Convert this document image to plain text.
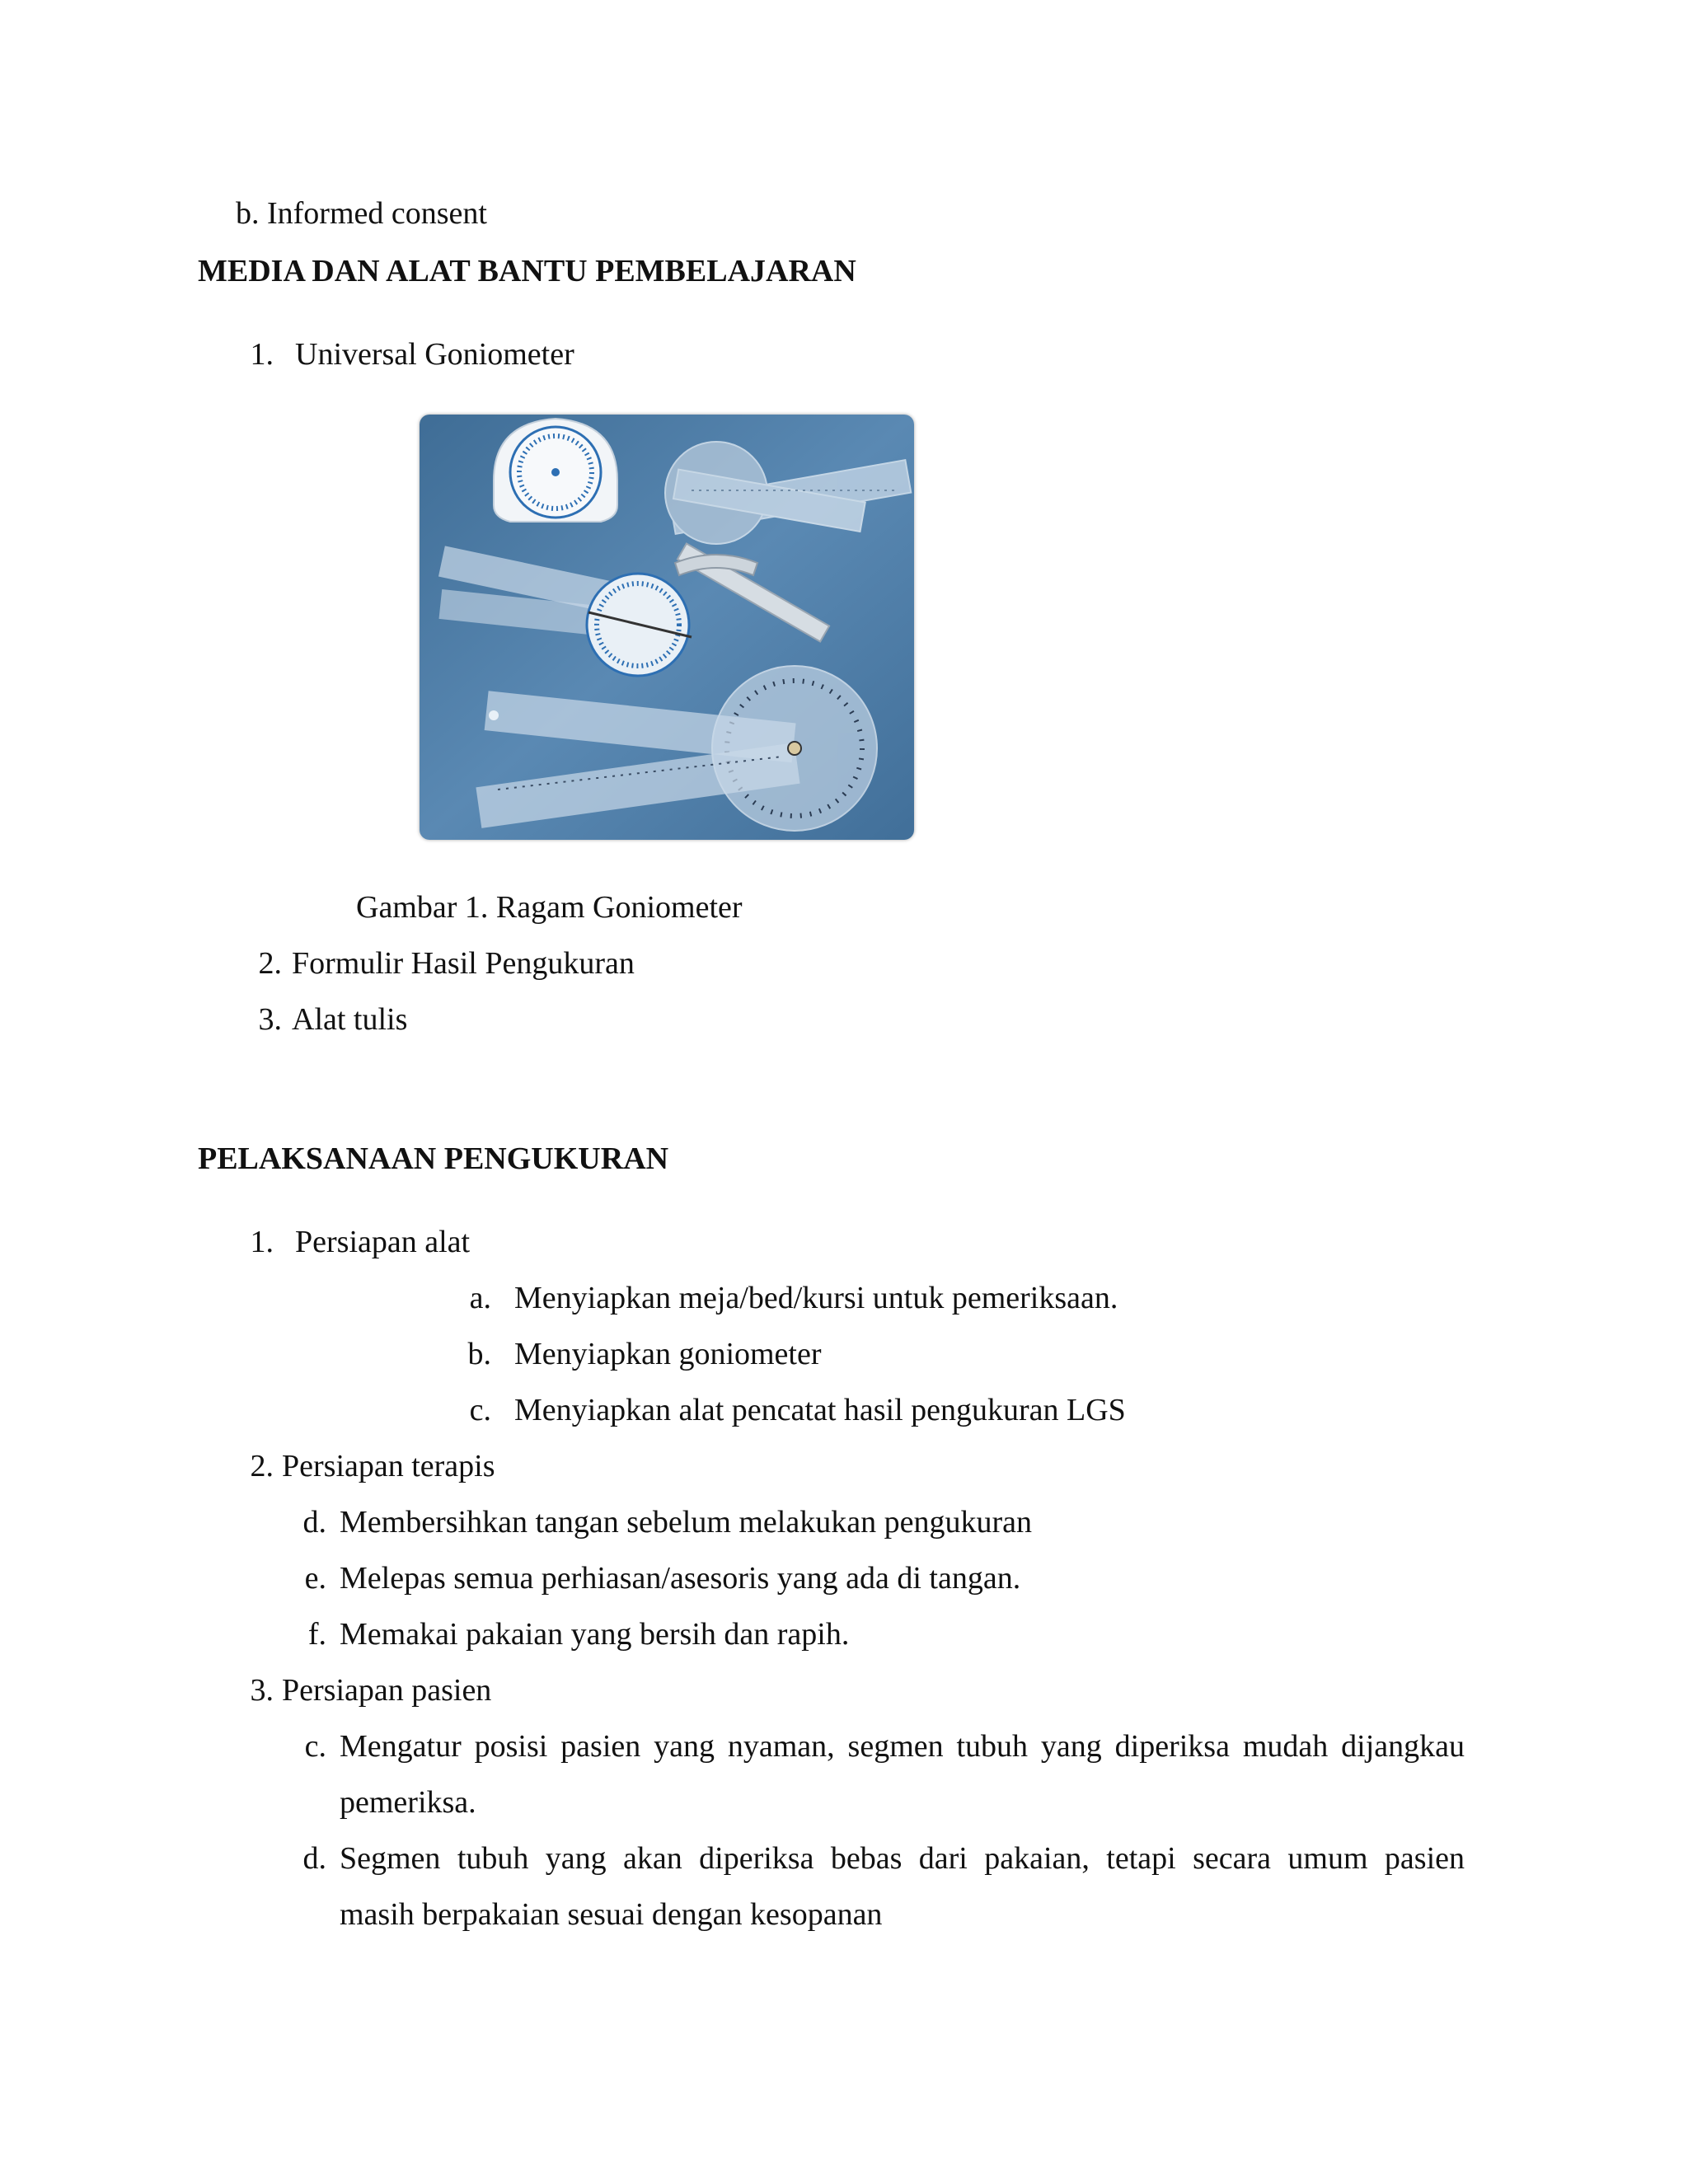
b. Informed consent
MEDIA DAN ALAT BANTU PEMBELAJARAN
1. Universal Goniometer
Gambar 1. Ragam Goniometer
2. Formulir Hasil Pengukuran
3. Alat tulis
PELAKSANAAN PENGUKURAN
1. Persiapan alat
a. Menyiapkan meja/bed/kursi untuk pemeriksaan.
b. Menyiapkan goniometer
c. Menyiapkan alat pencatat hasil pengukuran LGS
2. Persiapan terapis
d. Membersihkan tangan sebelum melakukan pengukuran
e. Melepas semua perhiasan/asesoris yang ada di tangan.
f. Memakai pakaian yang bersih dan rapih.
3. Persiapan pasien
c. Mengatur posisi pasien yang nyaman, segmen tubuh yang diperiksa mudah dijangkau
pemeriksa.
d. Segmen tubuh yang akan diperiksa bebas dari pakaian, tetapi secara umum pasien
masih berpakaian sesuai dengan kesopanan
